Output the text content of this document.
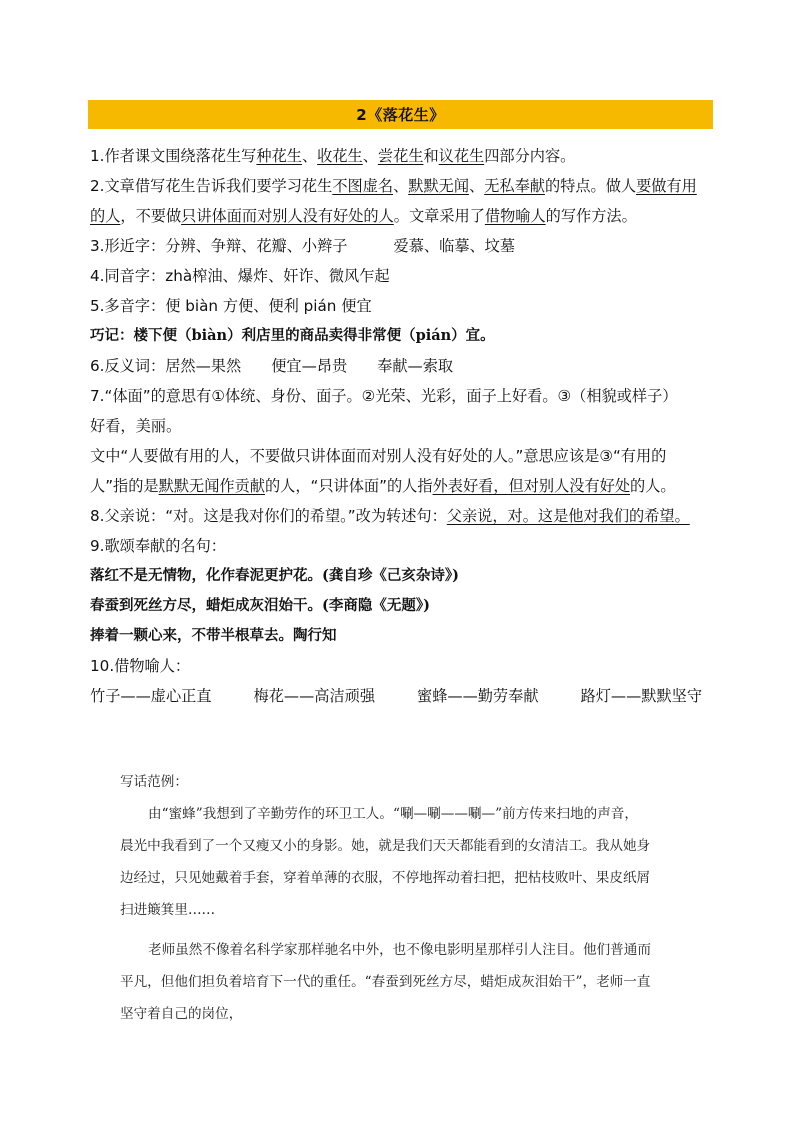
2《落花生》

1.作者课文围绕落花生写种花生、收花生、尝花生和议花生四部分内容。

2.文章借写花生告诉我们要学习花生不图虚名、默默无闻、无私奉献的特点。做人要做有用

的人，不要做只讲体面而对别人没有好处的人。文章采用了借物喻人的写作方法。

3.形近字：分辨、争辩、花瓣、小辫子	爱慕、临摹、坟墓

4.同音字：zhà榨油、爆炸、奸诈、微风乍起

5.多音字：便 biàn 方便、便利 pián 便宜

巧记：楼下便（biàn）利店里的商品卖得非常便（pián）宜。

6.反义词：居然—果然 便宜—昂贵 奉献—索取

7.“体面”的意思有①体统、身份、面子。②光荣、光彩，面子上好看。③（相貌或样子）

好看，美丽。

文中“人要做有用的人，不要做只讲体面而对别人没有好处的人。”意思应该是③“有用的

人”指的是默默无闻作贡献的人，“只讲体面”的人指外表好看，但对别人没有好处的人。

8.父亲说：“对。这是我对你们的希望。”改为转述句：父亲说，对。这是他对我们的希望。

9.歌颂奉献的名句：

落红不是无情物，化作春泥更护花。(龚自珍《己亥杂诗》)

春蚕到死丝方尽，蜡炬成灰泪始干。(李商隐《无题》)

捧着一颗心来，不带半根草去。陶行知

10.借物喻人：

竹子——虚心正直	梅花——高洁顽强	蜜蜂——勤劳奉献	路灯——默默坚守

写话范例：

由“蜜蜂”我想到了辛勤劳作的环卫工人。“唰—唰——唰—”前方传来扫地的声音，

晨光中我看到了一个又瘦又小的身影。她，就是我们天天都能看到的女清洁工。我从她身

边经过，只见她戴着手套，穿着单薄的衣服，不停地挥动着扫把，把枯枝败叶、果皮纸屑

扫进簸箕里……

老师虽然不像着名科学家那样驰名中外，也不像电影明星那样引人注目。他们普通而

平凡，但他们担负着培育下一代的重任。“春蚕到死丝方尽，蜡炬成灰泪始干”，老师一直

坚守着自己的岗位，
